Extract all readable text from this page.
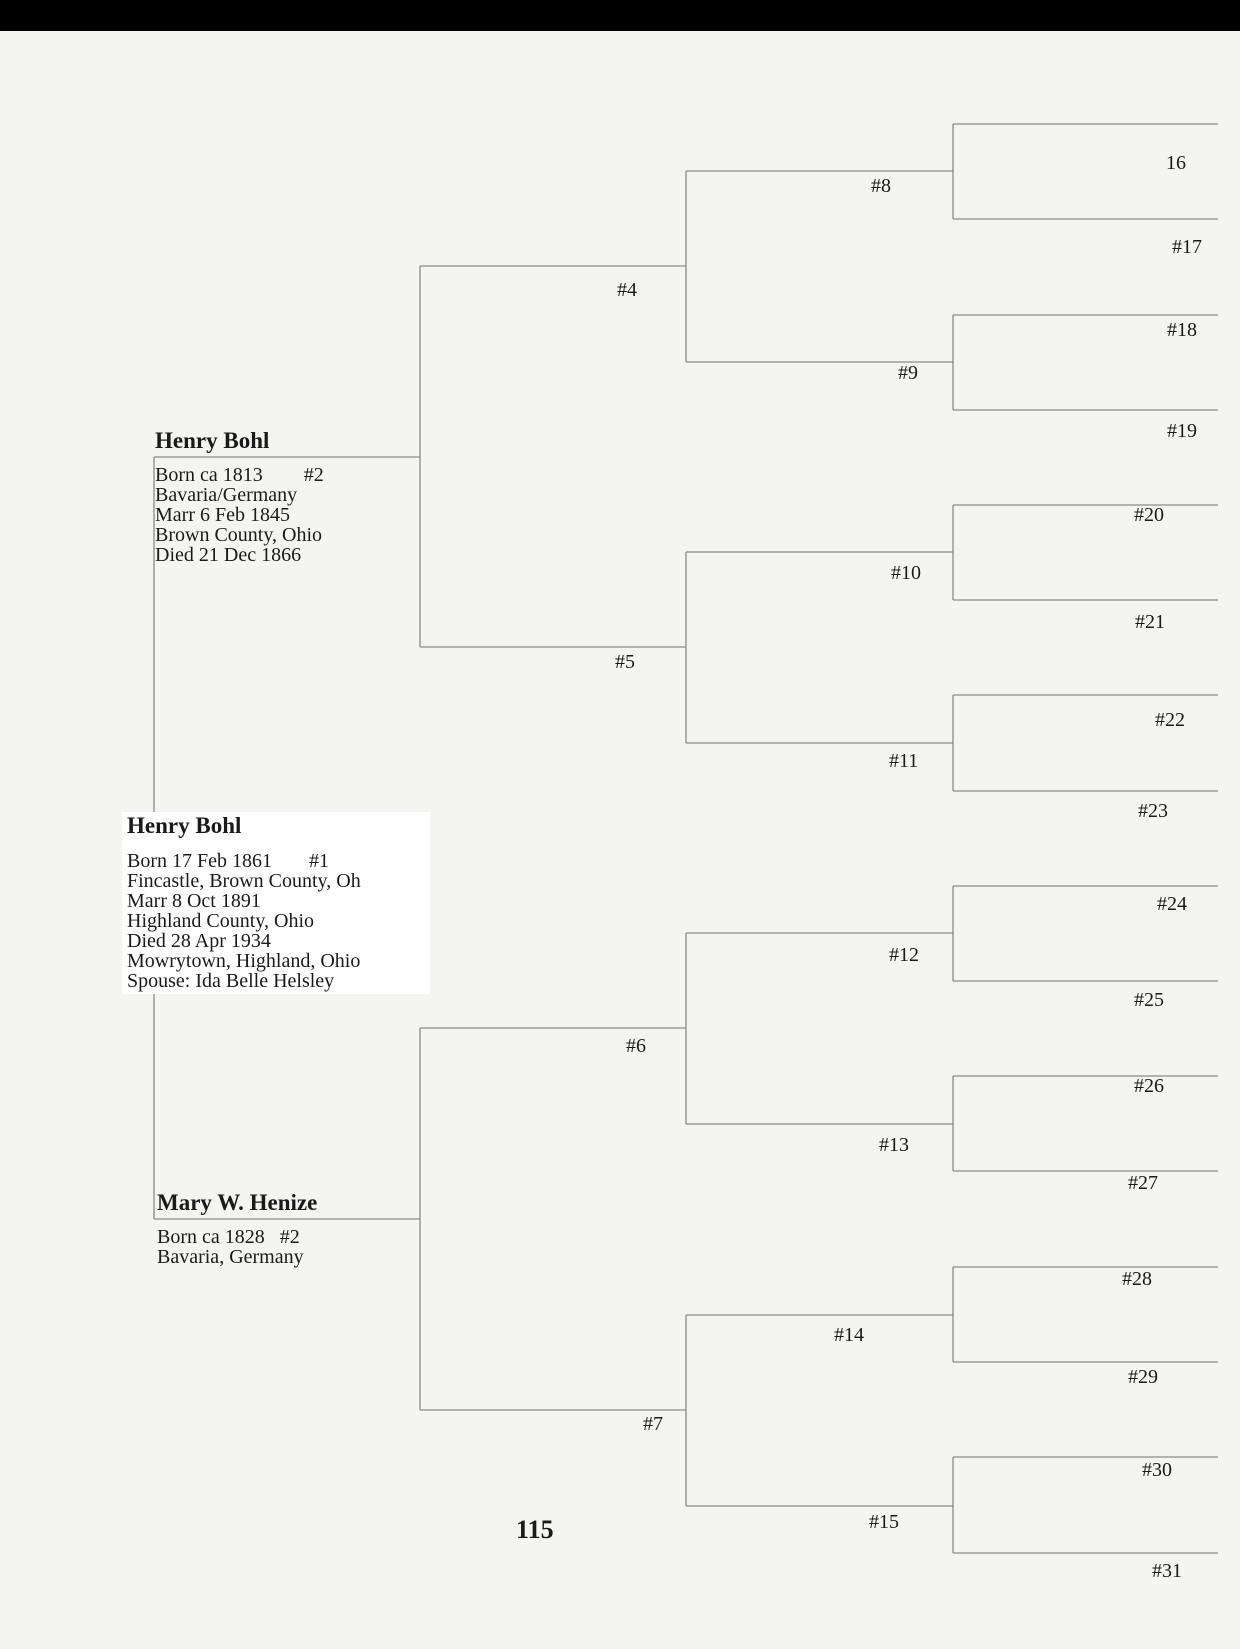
Henry Bohl
Born 17 Feb 1861 #1
Fincastle, Brown County, Oh
Marr 8 Oct 1891
Highland County, Ohio
Died 28 Apr 1934
Mowrytown, Highland, Ohio
Spouse: Ida Belle Helsley
Henry Bohl
Born ca 1813 #2
Bavaria/Germany
Marr 6 Feb 1845
Brown County, Ohio
Died 21 Dec 1866
Mary W. Henize
Born ca 1828 #2
Bavaria, Germany
#4
#5
#6
#7
#8
#9
#10
#11
#12
#13
#14
#15
16
#17
#18
#19
#20
#21
#22
#23
#24
#25
#26
#27
#28
#29
#30
#31
115
